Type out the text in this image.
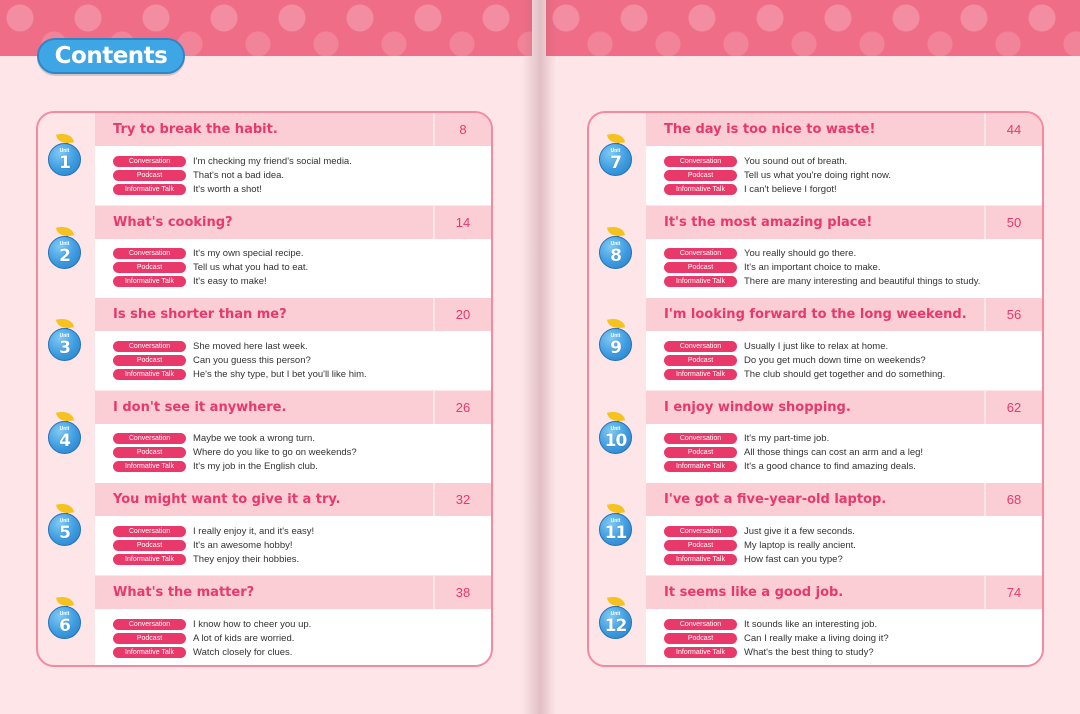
Contents
Try to break the habit.	8
Conversation	I'm checking my friend's social media.
Podcast	That's not a bad idea.
Informative Talk	It's worth a shot!
Unit
1
What's cooking?	14
Conversation	It's my own special recipe.
Podcast	Tell us what you had to eat.
Informative Talk	It's easy to make!
Unit
2
Is she shorter than me?	20
Conversation	She moved here last week.
Podcast	Can you guess this person?
Informative Talk	He's the shy type, but I bet you'll like him.
Unit
3
I don't see it anywhere.	26
Conversation	Maybe we took a wrong turn.
Podcast	Where do you like to go on weekends?
Informative Talk	It's my job in the English club.
Unit
4
You might want to give it a try.	32
Conversation	I really enjoy it, and it's easy!
Podcast	It's an awesome hobby!
Informative Talk	They enjoy their hobbies.
Unit
5
What's the matter?	38
Conversation	I know how to cheer you up.
Podcast	A lot of kids are worried.
Informative Talk	Watch closely for clues.
Unit
6
The day is too nice to waste!	44
Conversation	You sound out of breath.
Podcast	Tell us what you're doing right now.
Informative Talk	I can't believe I forgot!
Unit
7
It's the most amazing place!	50
Conversation	You really should go there.
Podcast	It's an important choice to make.
Informative Talk	There are many interesting and beautiful things to study.
Unit
8
I'm looking forward to the long weekend.	56
Conversation	Usually I just like to relax at home.
Podcast	Do you get much down time on weekends?
Informative Talk	The club should get together and do something.
Unit
9
I enjoy window shopping.	62
Conversation	It's my part-time job.
Podcast	All those things can cost an arm and a leg!
Informative Talk	It's a good chance to find amazing deals.
Unit
10
I've got a five-year-old laptop.	68
Conversation	Just give it a few seconds.
Podcast	My laptop is really ancient.
Informative Talk	How fast can you type?
Unit
11
It seems like a good job.	74
Conversation	It sounds like an interesting job.
Podcast	Can I really make a living doing it?
Informative Talk	What's the best thing to study?
Unit
12
